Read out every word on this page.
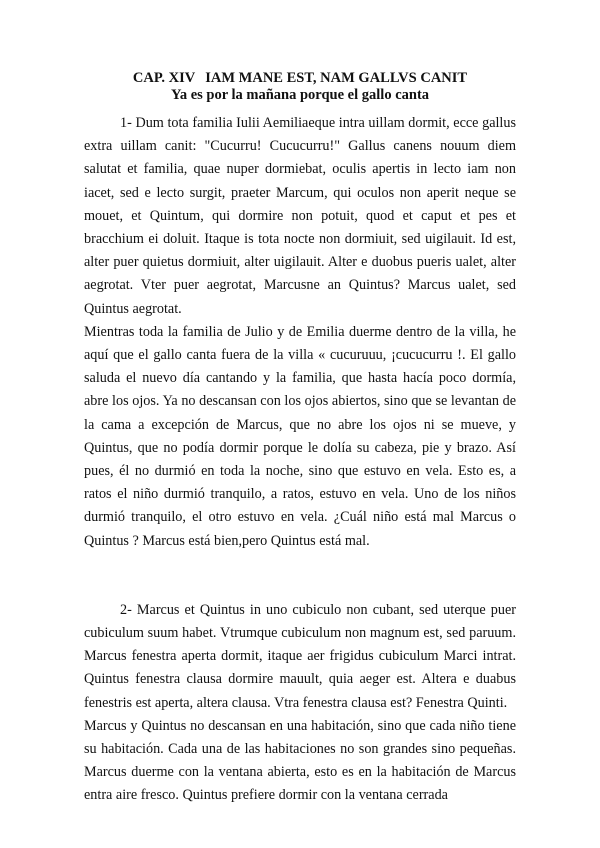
CAP. XIV IAM MANE EST, NAM GALLVS CANIT

Ya es por la mañana porque el gallo canta

1- Dum tota familia Iulii Aemiliaeque intra uillam dormit, ecce gallus extra uillam canit: "Cucurru! Cucucurru!" Gallus canens nouum diem salutat et familia, quae nuper dormiebat, oculis apertis in lecto iam non iacet, sed e lecto surgit, praeter Marcum, qui oculos non aperit neque se mouet, et Quintum, qui dormire non potuit, quod et caput et pes et bracchium ei doluit. Itaque is tota nocte non dormiuit, sed uigilauit. Id est, alter puer quietus dormiuit, alter uigilauit. Alter e duobus pueris ualet, alter aegrotat. Vter puer aegrotat, Marcusne an Quintus? Marcus ualet, sed Quintus aegrotat.

Mientras toda la familia de Julio y de Emilia duerme dentro de la villa, he aquí que el gallo canta fuera de la villa « cucuruuu, ¡cucucurru !. El gallo saluda el nuevo día cantando y la familia, que hasta hacía poco dormía, abre los ojos. Ya no descansan con los ojos abiertos, sino que se levantan de la cama a excepción de Marcus, que no abre los ojos ni se mueve, y Quintus, que no podía dormir porque le dolía su cabeza, pie y brazo. Así pues, él no durmió en toda la noche, sino que estuvo en vela. Esto es, a ratos el niño durmió tranquilo, a ratos, estuvo en vela. Uno de los niños durmió tranquilo, el otro estuvo en vela. ¿Cuál niño está mal Marcus o Quintus ? Marcus está bien,pero Quintus está mal.

2- Marcus et Quintus in uno cubiculo non cubant, sed uterque puer cubiculum suum habet. Vtrumque cubiculum non magnum est, sed paruum. Marcus fenestra aperta dormit, itaque aer frigidus cubiculum Marci intrat. Quintus fenestra clausa dormire mauult, quia aeger est. Altera e duabus fenestris est aperta, altera clausa. Vtra fenestra clausa est? Fenestra Quinti.

Marcus y Quintus no descansan en una habitación, sino que cada niño tiene su habitación. Cada una de las habitaciones no son grandes sino pequeñas. Marcus duerme con la ventana abierta, esto es en la habitación de Marcus entra aire fresco. Quintus prefiere dormir con la ventana cerrada
